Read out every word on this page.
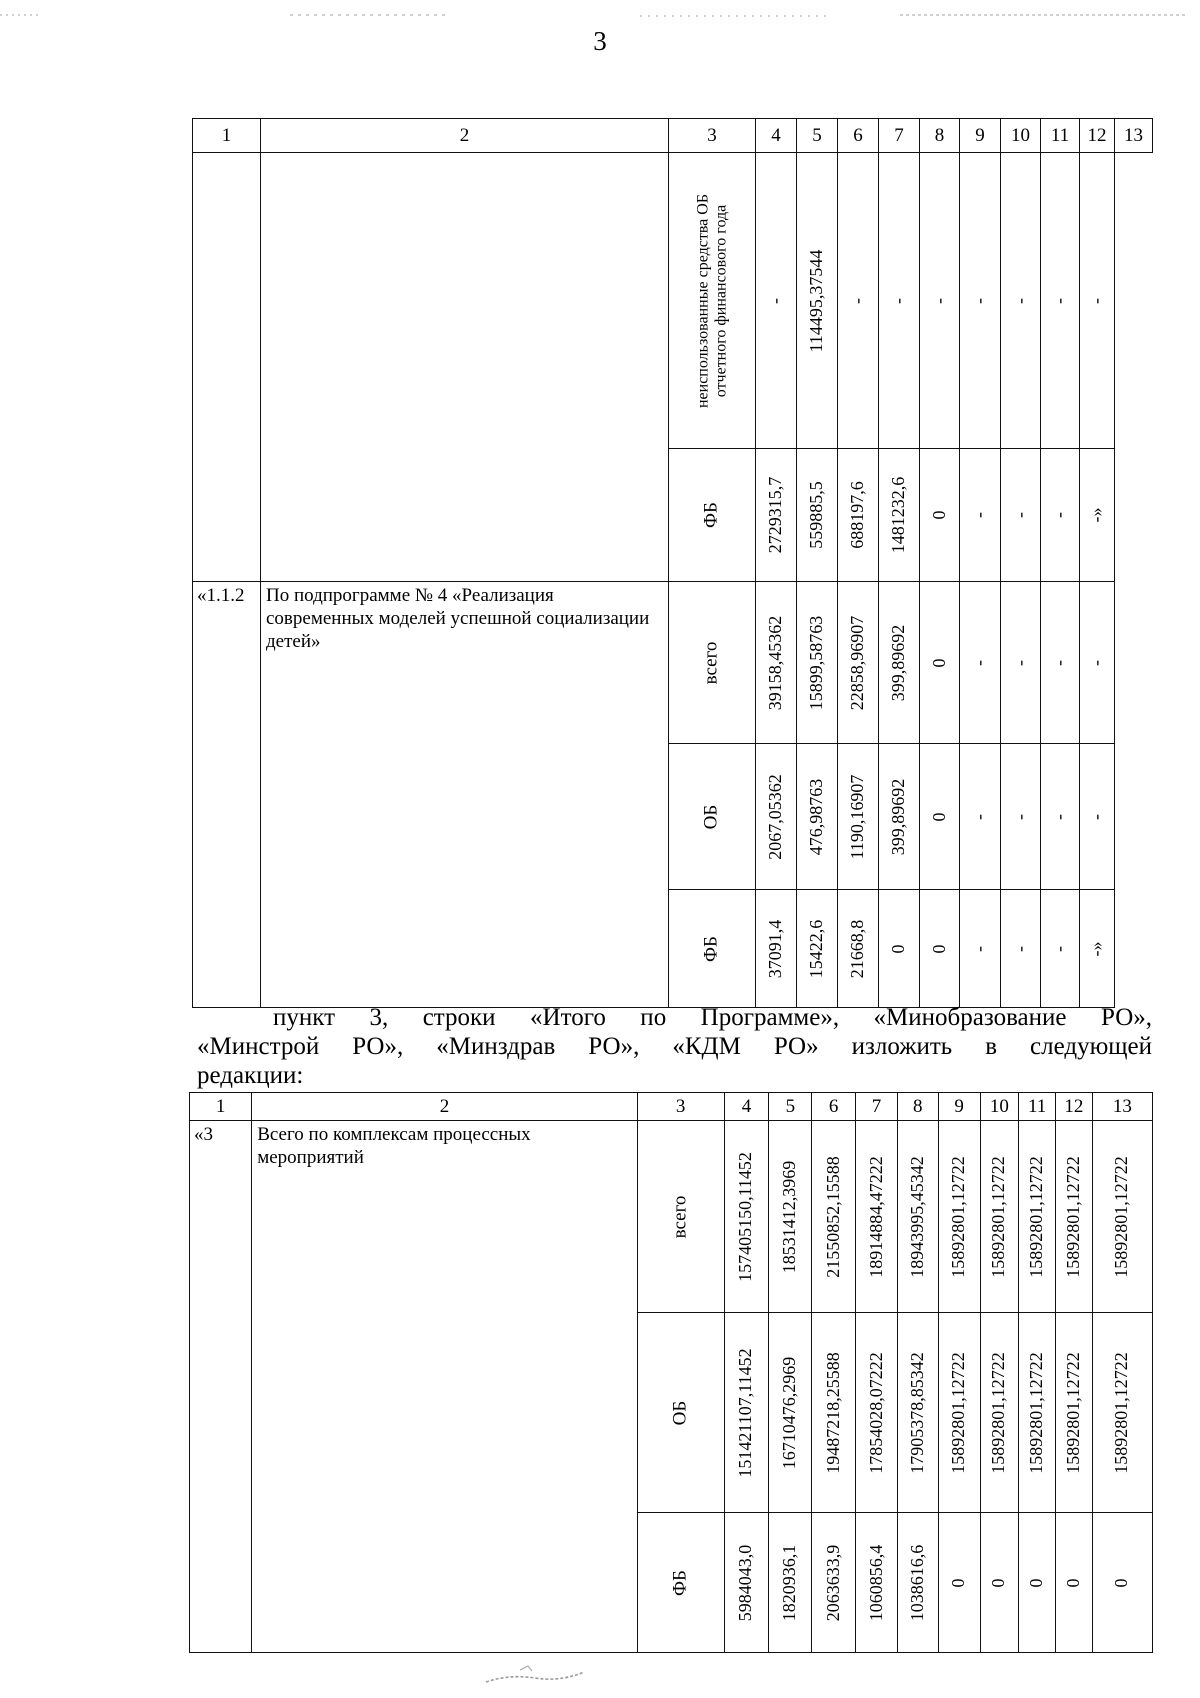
3
1	2	3	4	5	6	7	8	9	10	11	12	13

		неиспользованные средства ОБ отчетного финансового года	-	114495,37544	-	-	-	-	-	-	-	

		ФБ	2729315,7	559885,5	688197,6	1481232,6	0	-	-	-	-»	

«1.1.2	По подпрограмме № 4 «Реализация современных моделей успешной социализации детей»	всего	39158,45362	15899,58763	22858,96907	399,89692	0	-	-	-	-	

		ОБ	2067,05362	476,98763	1190,16907	399,89692	0	-	-	-	-	

		ФБ	37091,4	15422,6	21668,8	0	0	-	-	-	-»	
пункт 3, строки «Итого по Программе», «Минобразование РО»,
«Минстрой РО», «Минздрав РО», «КДМ РО» изложить в следующей
редакции:
1	2	3	4	5	6	7	8	9	10	11	12	13
«3	Всего по комплексам процессных мероприятий	всего	157405150,11452	18531412,3969	21550852,15588	18914884,47222	18943995,45342	15892801,12722	15892801,12722	15892801,12722	15892801,12722	15892801,12722

		ОБ	151421107,11452	16710476,2969	19487218,25588	17854028,07222	17905378,85342	15892801,12722	15892801,12722	15892801,12722	15892801,12722	15892801,12722

		ФБ	5984043,0	1820936,1	2063633,9	1060856,4	1038616,6	0	0	0	0	0
